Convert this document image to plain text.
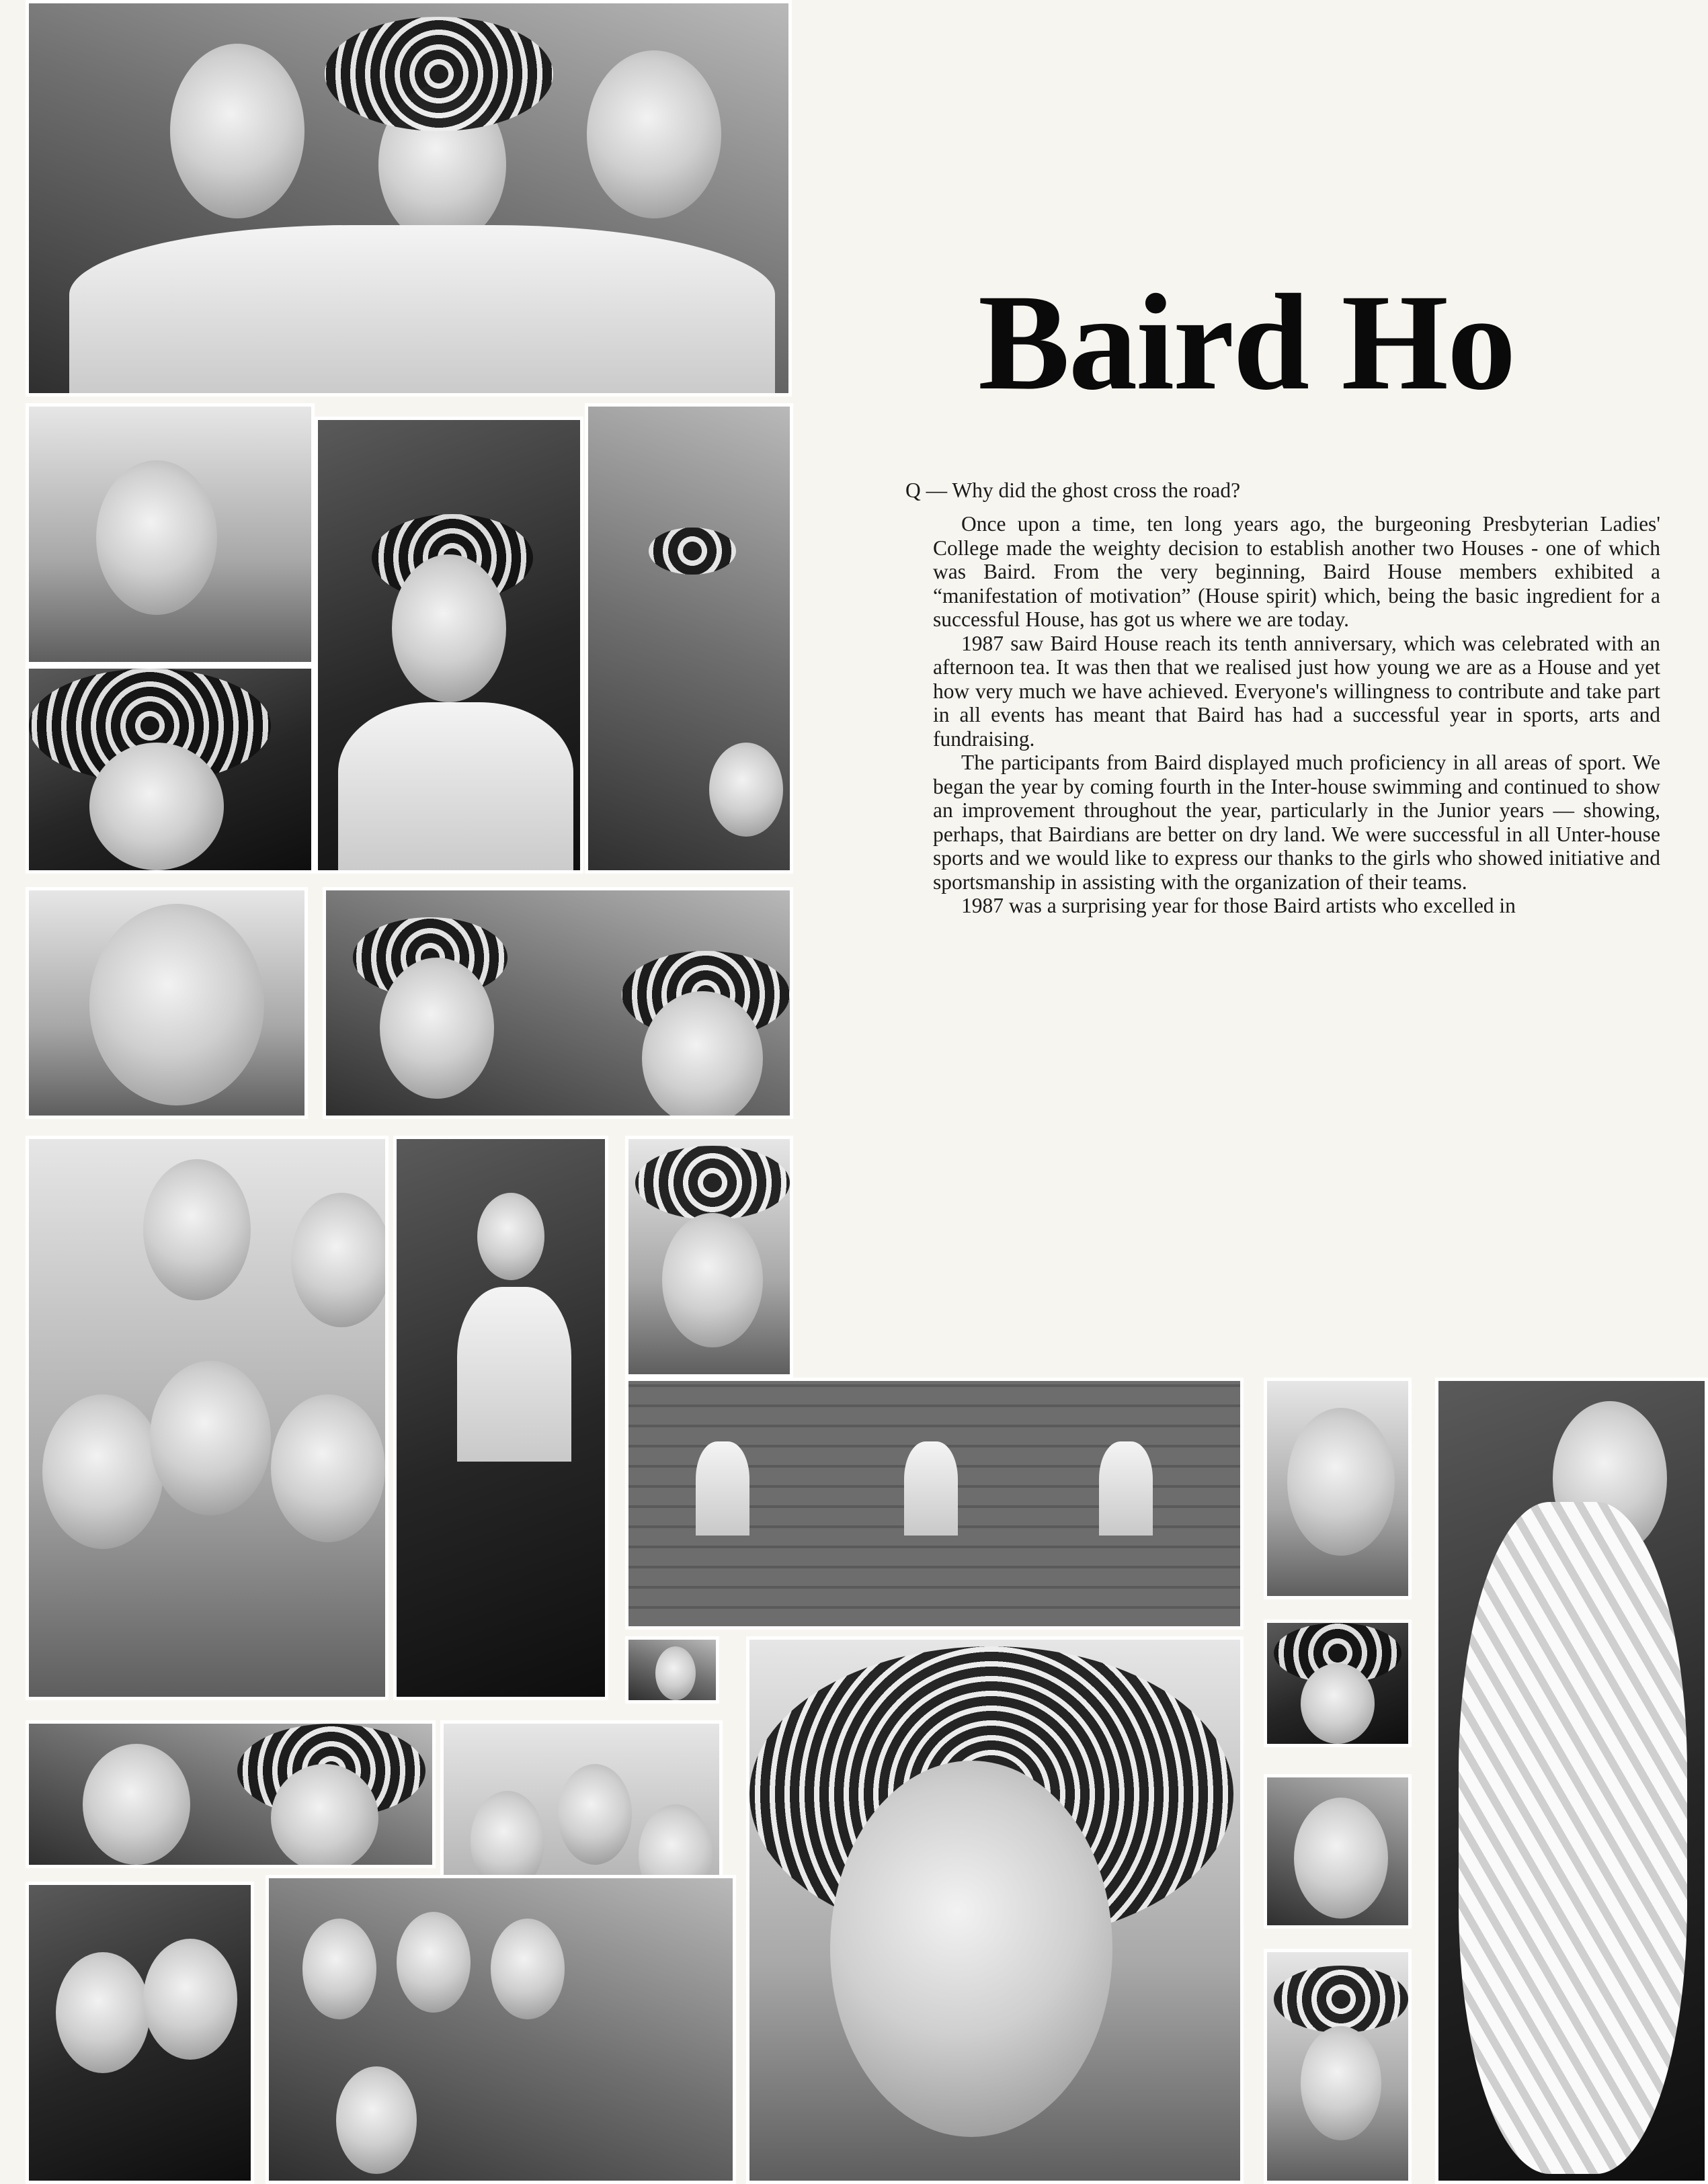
Baird Ho
Q — Why did the ghost cross the road?

Once upon a time, ten long years ago, the burgeoning Presbyterian Ladies' College made the weighty decision to establish another two Houses - one of which was Baird. From the very beginning, Baird House members exhibited a “manifestation of motivation” (House spirit) which, being the basic ingredient for a successful House, has got us where we are today.

1987 saw Baird House reach its tenth anniversary, which was celebrated with an afternoon tea. It was then that we realised just how young we are as a House and yet how very much we have achieved. Everyone's willingness to contribute and take part in all events has meant that Baird has had a successful year in sports, arts and fundraising.

The participants from Baird displayed much proficiency in all areas of sport. We began the year by coming fourth in the Inter-house swimming and continued to show an improvement throughout the year, particularly in the Junior years — showing, perhaps, that Bairdians are better on dry land. We were successful in all Unter-house sports and we would like to express our thanks to the girls who showed initiative and sportsmanship in assisting with the organization of their teams.

1987 was a surprising year for those Baird artists who excelled in
